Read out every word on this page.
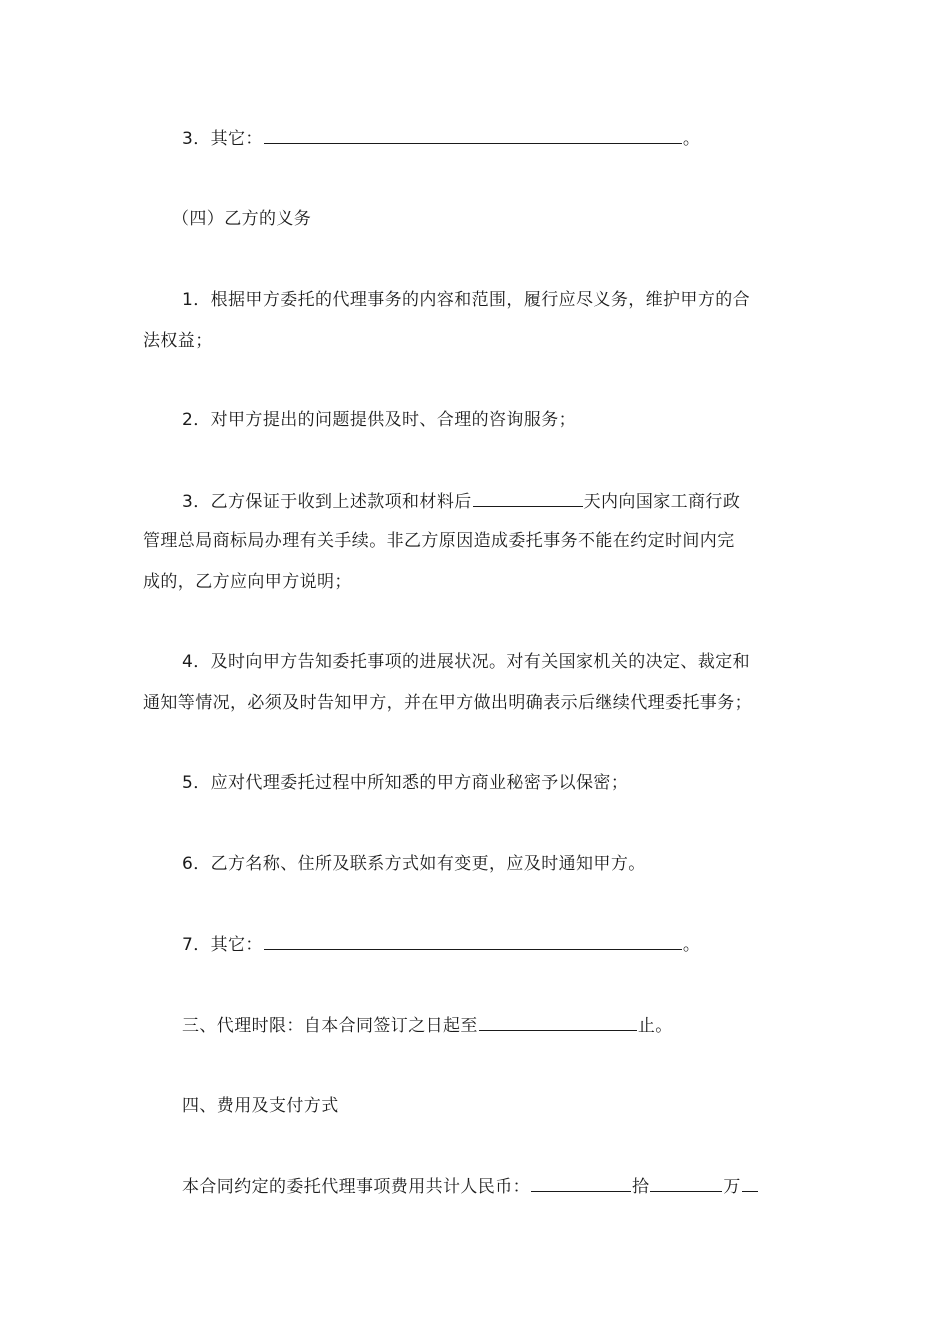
3．其它：	。
（四）乙方的义务
1．根据甲方委托的代理事务的内容和范围，履行应尽义务，维护甲方的合
法权益；
2．对甲方提出的问题提供及时、合理的咨询服务；
3．乙方保证于收到上述款项和材料后	天内向国家工商行政
管理总局商标局办理有关手续。非乙方原因造成委托事务不能在约定时间内完
成的，乙方应向甲方说明；
4．及时向甲方告知委托事项的进展状况。对有关国家机关的决定、裁定和
通知等情况，必须及时告知甲方，并在甲方做出明确表示后继续代理委托事务；
5．应对代理委托过程中所知悉的甲方商业秘密予以保密；
6．乙方名称、住所及联系方式如有变更，应及时通知甲方。
7．其它：	。
三、代理时限：自本合同签订之日起至	止。
四、费用及支付方式
本合同约定的委托代理事项费用共计人民币：	拾	万
